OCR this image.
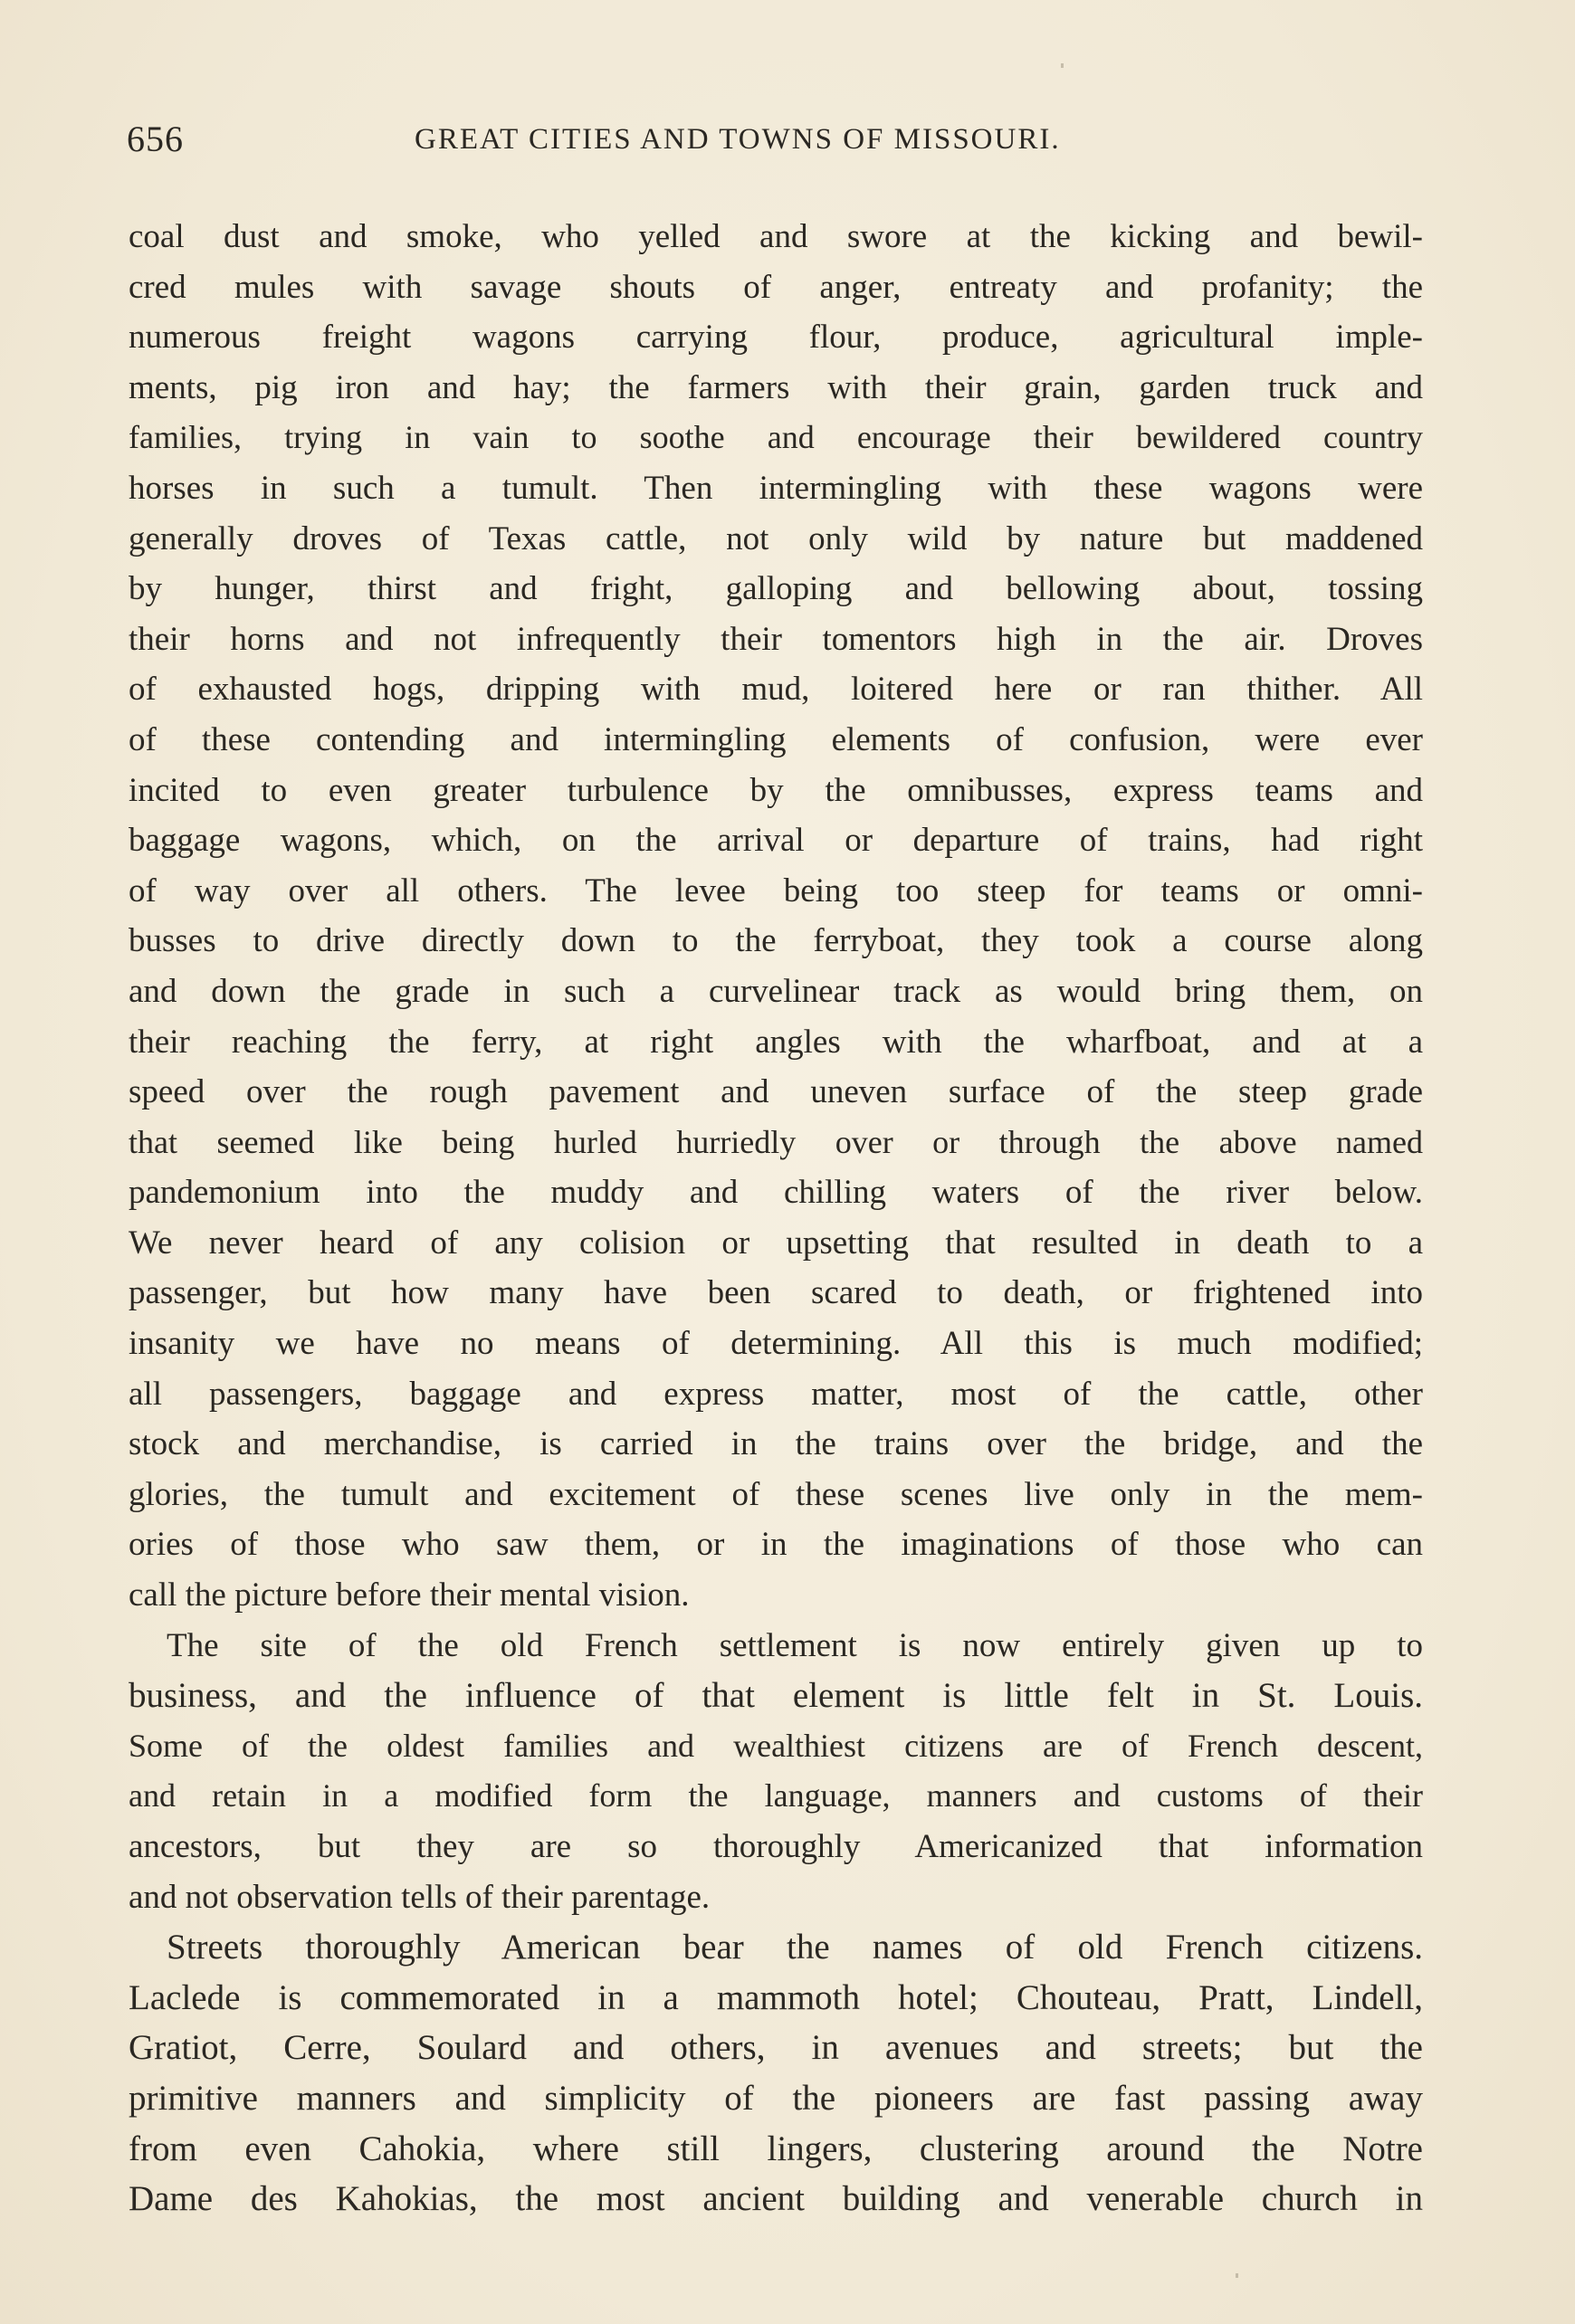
656	GREAT CITIES AND TOWNS OF MISSOURI.
coal dust and smoke, who yelled and swore at the kicking and bewil-
cred mules with savage shouts of anger, entreaty and profanity; the
numerous freight wagons carrying flour, produce, agricultural imple-
ments, pig iron and hay; the farmers with their grain, garden truck and
families, trying in vain to soothe and encourage their bewildered country
horses in such a tumult. Then intermingling with these wagons were
generally droves of Texas cattle, not only wild by nature but maddened
by hunger, thirst and fright, galloping and bellowing about, tossing
their horns and not infrequently their tomentors high in the air. Droves
of exhausted hogs, dripping with mud, loitered here or ran thither. All
of these contending and intermingling elements of confusion, were ever
incited to even greater turbulence by the omnibusses, express teams and
baggage wagons, which, on the arrival or departure of trains, had right
of way over all others. The levee being too steep for teams or omni-
busses to drive directly down to the ferryboat, they took a course along
and down the grade in such a curvelinear track as would bring them, on
their reaching the ferry, at right angles with the wharfboat, and at a
speed over the rough pavement and uneven surface of the steep grade
that seemed like being hurled hurriedly over or through the above named
pandemonium into the muddy and chilling waters of the river below.
We never heard of any colision or upsetting that resulted in death to a
passenger, but how many have been scared to death, or frightened into
insanity we have no means of determining. All this is much modified;
all passengers, baggage and express matter, most of the cattle, other
stock and merchandise, is carried in the trains over the bridge, and the
glories, the tumult and excitement of these scenes live only in the mem-
ories of those who saw them, or in the imaginations of those who can
call the picture before their mental vision.
The site of the old French settlement is now entirely given up to
business, and the influence of that element is little felt in St. Louis.
Some of the oldest families and wealthiest citizens are of French descent,
and retain in a modified form the language, manners and customs of their
ancestors, but they are so thoroughly Americanized that information
and not observation tells of their parentage.
Streets thoroughly American bear the names of old French citizens.
Laclede is commemorated in a mammoth hotel; Chouteau, Pratt, Lindell,
Gratiot, Cerre, Soulard and others, in avenues and streets; but the
primitive manners and simplicity of the pioneers are fast passing away
from even Cahokia, where still lingers, clustering around the Notre
Dame des Kahokias, the most ancient building and venerable church in
